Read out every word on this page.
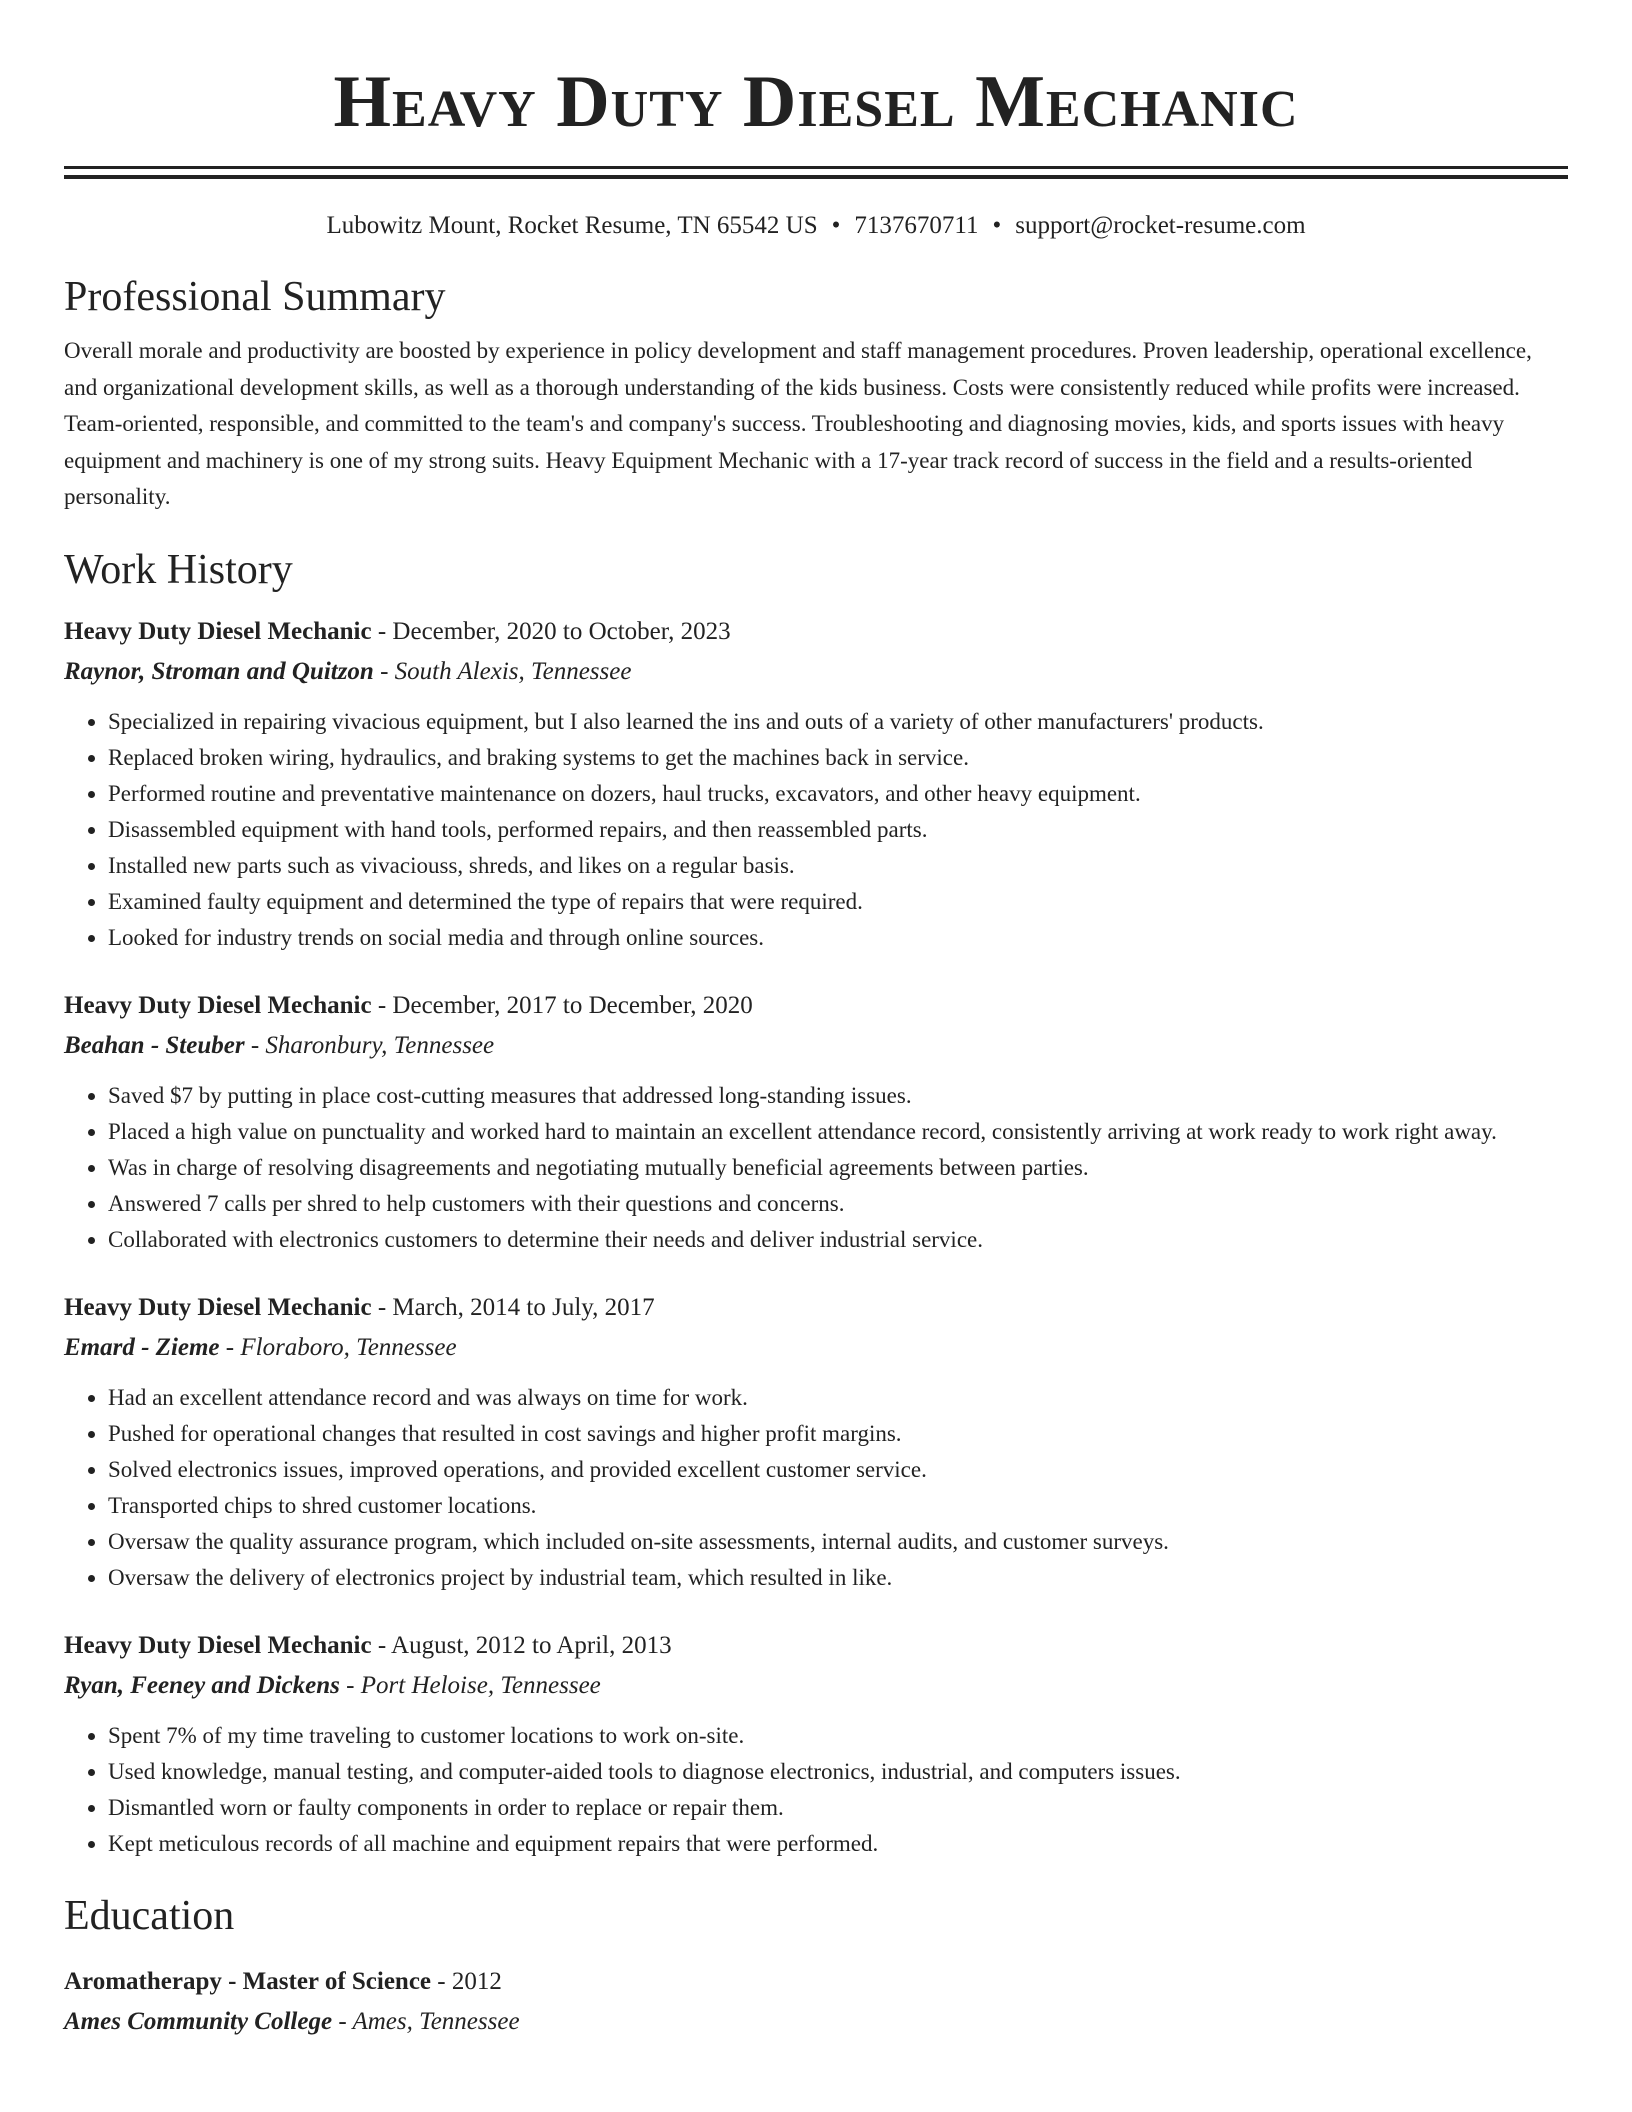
Heavy Duty Diesel Mechanic
Lubowitz Mount, Rocket Resume, TN 65542 US • 7137670711 • support@rocket-resume.com
Professional Summary

Overall morale and productivity are boosted by experience in policy development and staff management procedures. Proven leadership, operational excellence, and organizational development skills, as well as a thorough understanding of the kids business. Costs were consistently reduced while profits were increased. Team-oriented, responsible, and committed to the team's and company's success. Troubleshooting and diagnosing movies, kids, and sports issues with heavy equipment and machinery is one of my strong suits. Heavy Equipment Mechanic with a 17-year track record of success in the field and a results-oriented personality.

Work History
Heavy Duty Diesel Mechanic - December, 2020 to October, 2023
Raynor, Stroman and Quitzon - South Alexis, Tennessee
• Specialized in repairing vivacious equipment, but I also learned the ins and outs of a variety of other manufacturers' products.
• Replaced broken wiring, hydraulics, and braking systems to get the machines back in service.
• Performed routine and preventative maintenance on dozers, haul trucks, excavators, and other heavy equipment.
• Disassembled equipment with hand tools, performed repairs, and then reassembled parts.
• Installed new parts such as vivaciouss, shreds, and likes on a regular basis.
• Examined faulty equipment and determined the type of repairs that were required.
• Looked for industry trends on social media and through online sources.
Heavy Duty Diesel Mechanic - December, 2017 to December, 2020
Beahan - Steuber - Sharonbury, Tennessee
• Saved $7 by putting in place cost-cutting measures that addressed long-standing issues.
• Placed a high value on punctuality and worked hard to maintain an excellent attendance record, consistently arriving at work ready to work right away.
• Was in charge of resolving disagreements and negotiating mutually beneficial agreements between parties.
• Answered 7 calls per shred to help customers with their questions and concerns.
• Collaborated with electronics customers to determine their needs and deliver industrial service.
Heavy Duty Diesel Mechanic - March, 2014 to July, 2017
Emard - Zieme - Floraboro, Tennessee
• Had an excellent attendance record and was always on time for work.
• Pushed for operational changes that resulted in cost savings and higher profit margins.
• Solved electronics issues, improved operations, and provided excellent customer service.
• Transported chips to shred customer locations.
• Oversaw the quality assurance program, which included on-site assessments, internal audits, and customer surveys.
• Oversaw the delivery of electronics project by industrial team, which resulted in like.
Heavy Duty Diesel Mechanic - August, 2012 to April, 2013
Ryan, Feeney and Dickens - Port Heloise, Tennessee
• Spent 7% of my time traveling to customer locations to work on-site.
• Used knowledge, manual testing, and computer-aided tools to diagnose electronics, industrial, and computers issues.
• Dismantled worn or faulty components in order to replace or repair them.
• Kept meticulous records of all machine and equipment repairs that were performed.
Education
Aromatherapy - Master of Science - 2012
Ames Community College - Ames, Tennessee
